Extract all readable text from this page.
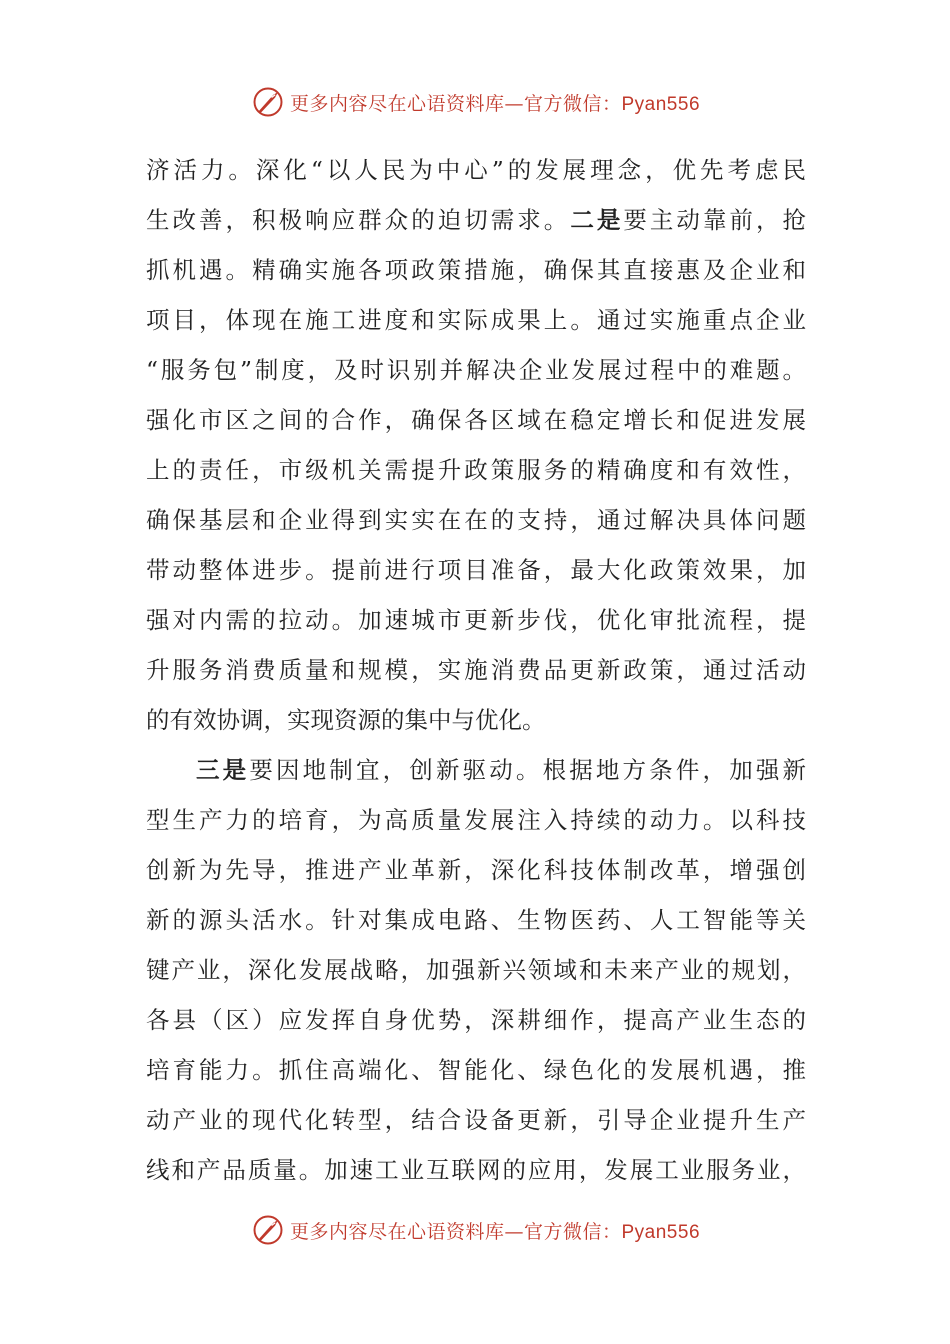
更多内容尽在心语资料库—官方微信：Pyan556

济活力。深化“以人民为中心”的发展理念，优先考虑民
生改善，积极响应群众的迫切需求。二是要主动靠前，抢
抓机遇。精确实施各项政策措施，确保其直接惠及企业和
项目，体现在施工进度和实际成果上。通过实施重点企业
“服务包”制度，及时识别并解决企业发展过程中的难题。
强化市区之间的合作，确保各区域在稳定增长和促进发展
上的责任，市级机关需提升政策服务的精确度和有效性，
确保基层和企业得到实实在在的支持，通过解决具体问题
带动整体进步。提前进行项目准备，最大化政策效果，加
强对内需的拉动。加速城市更新步伐，优化审批流程，提
升服务消费质量和规模，实施消费品更新政策，通过活动
的有效协调，实现资源的集中与优化。

三是要因地制宜，创新驱动。根据地方条件，加强新
型生产力的培育，为高质量发展注入持续的动力。以科技
创新为先导，推进产业革新，深化科技体制改革，增强创
新的源头活水。针对集成电路、生物医药、人工智能等关
键产业，深化发展战略，加强新兴领域和未来产业的规划，
各县（区）应发挥自身优势，深耕细作，提高产业生态的
培育能力。抓住高端化、智能化、绿色化的发展机遇，推
动产业的现代化转型，结合设备更新，引导企业提升生产
线和产品质量。加速工业互联网的应用，发展工业服务业，

更多内容尽在心语资料库—官方微信：Pyan556
